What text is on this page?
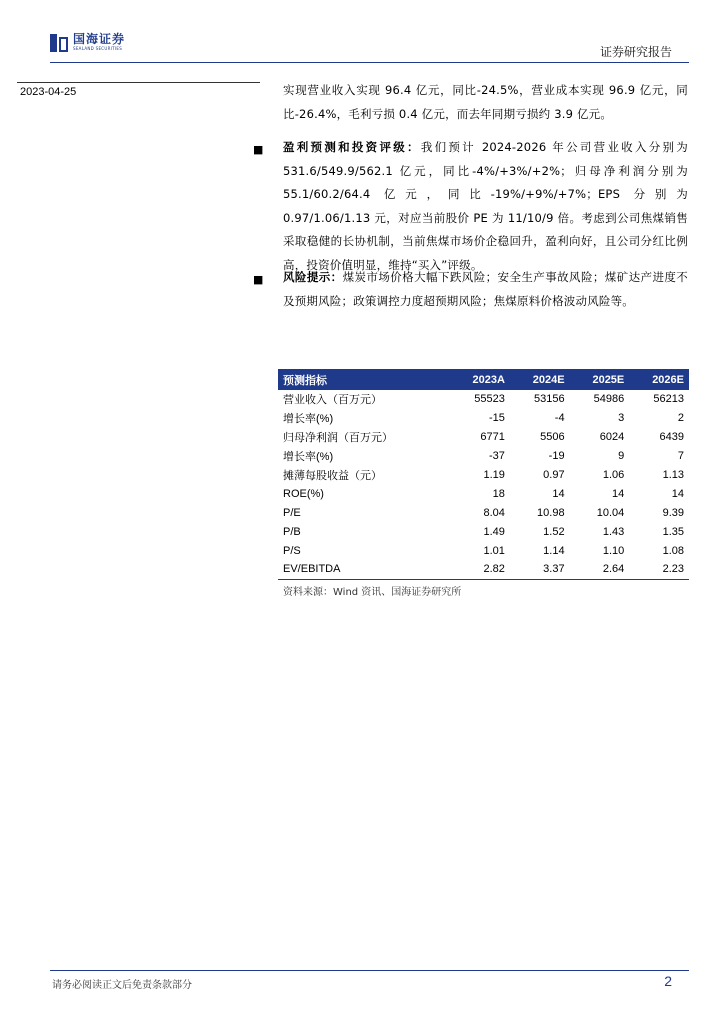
国海证券
SEALAND SECURITIES	证券研究报告
2023-04-25	实现营业收入实现 96.4 亿元，同比-24.5%，营业成本实现 96.9 亿元，同比-26.4%，毛利亏损 0.4 亿元，而去年同期亏损约 3.9 亿元。
■ 盈利预测和投资评级：我们预计 2024-2026 年公司营业收入分别为 531.6/549.9/562.1 亿元，同比-4%/+3%/+2%；归母净利润分别为 55.1/60.2/64.4 亿元，同比-19%/+9%/+7%；EPS 分别为 0.97/1.06/1.13 元，对应当前股价 PE 为 11/10/9 倍。考虑到公司焦煤销售采取稳健的长协机制，当前焦煤市场价企稳回升，盈利向好，且公司分红比例高，投资价值明显，维持“买入”评级。
■ 风险提示：煤炭市场价格大幅下跌风险；安全生产事故风险；煤矿达产进度不及预期风险；政策调控力度超预期风险；焦煤原料价格波动风险等。
预测指标	2023A	2024E	2025E	2026E
营业收入（百万元）	55523	53156	54986	56213
增长率(%)	-15	-4	3	2
归母净利润（百万元）	6771	5506	6024	6439
增长率(%)	-37	-19	9	7
摊薄每股收益（元）	1.19	0.97	1.06	1.13
ROE(%)	18	14	14	14
P/E	8.04	10.98	10.04	9.39
P/B	1.49	1.52	1.43	1.35
P/S	1.01	1.14	1.10	1.08
EV/EBITDA	2.82	3.37	2.64	2.23
资料来源：Wind 资讯、国海证券研究所
请务必阅读正文后免责条款部分	2
